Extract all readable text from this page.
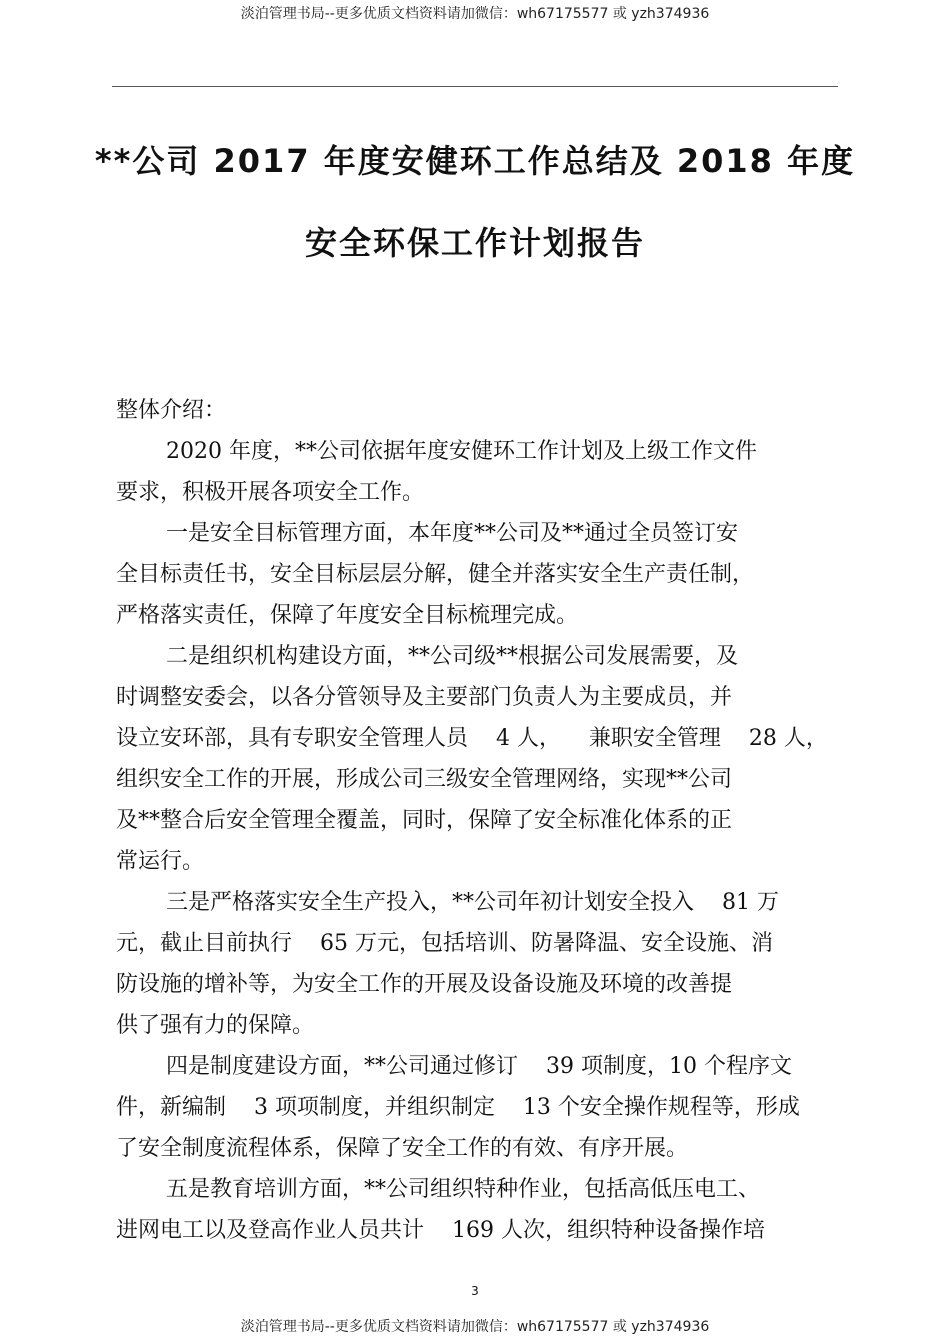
淡泊管理书局--更多优质文档资料请加微信：wh67175577 或 yzh374936
**公司 2017 年度安健环工作总结及 2018 年度
安全环保工作计划报告
整体介绍：
2020 年度，**公司依据年度安健环工作计划及上级工作文件
要求，积极开展各项安全工作。
一是安全目标管理方面，本年度**公司及**通过全员签订安
全目标责任书，安全目标层层分解，健全并落实安全生产责任制，
严格落实责任，保障了年度安全目标梳理完成。
二是组织机构建设方面，**公司级**根据公司发展需要，及
时调整安委会，以各分管领导及主要部门负责人为主要成员，并
设立安环部，具有专职安全管理人员    4 人，    兼职安全管理    28 人，
组织安全工作的开展，形成公司三级安全管理网络，实现**公司
及**整合后安全管理全覆盖，同时，保障了安全标准化体系的正
常运行。
三是严格落实安全生产投入，**公司年初计划安全投入    81 万
元，截止目前执行    65 万元，包括培训、防暑降温、安全设施、消
防设施的增补等，为安全工作的开展及设备设施及环境的改善提
供了强有力的保障。
四是制度建设方面，**公司通过修订    39 项制度，10 个程序文
件，新编制    3 项项制度，并组织制定    13 个安全操作规程等，形成
了安全制度流程体系，保障了安全工作的有效、有序开展。
五是教育培训方面，**公司组织特种作业，包括高低压电工、
进网电工以及登高作业人员共计    169 人次，组织特种设备操作培
3
淡泊管理书局--更多优质文档资料请加微信：wh67175577 或 yzh374936
